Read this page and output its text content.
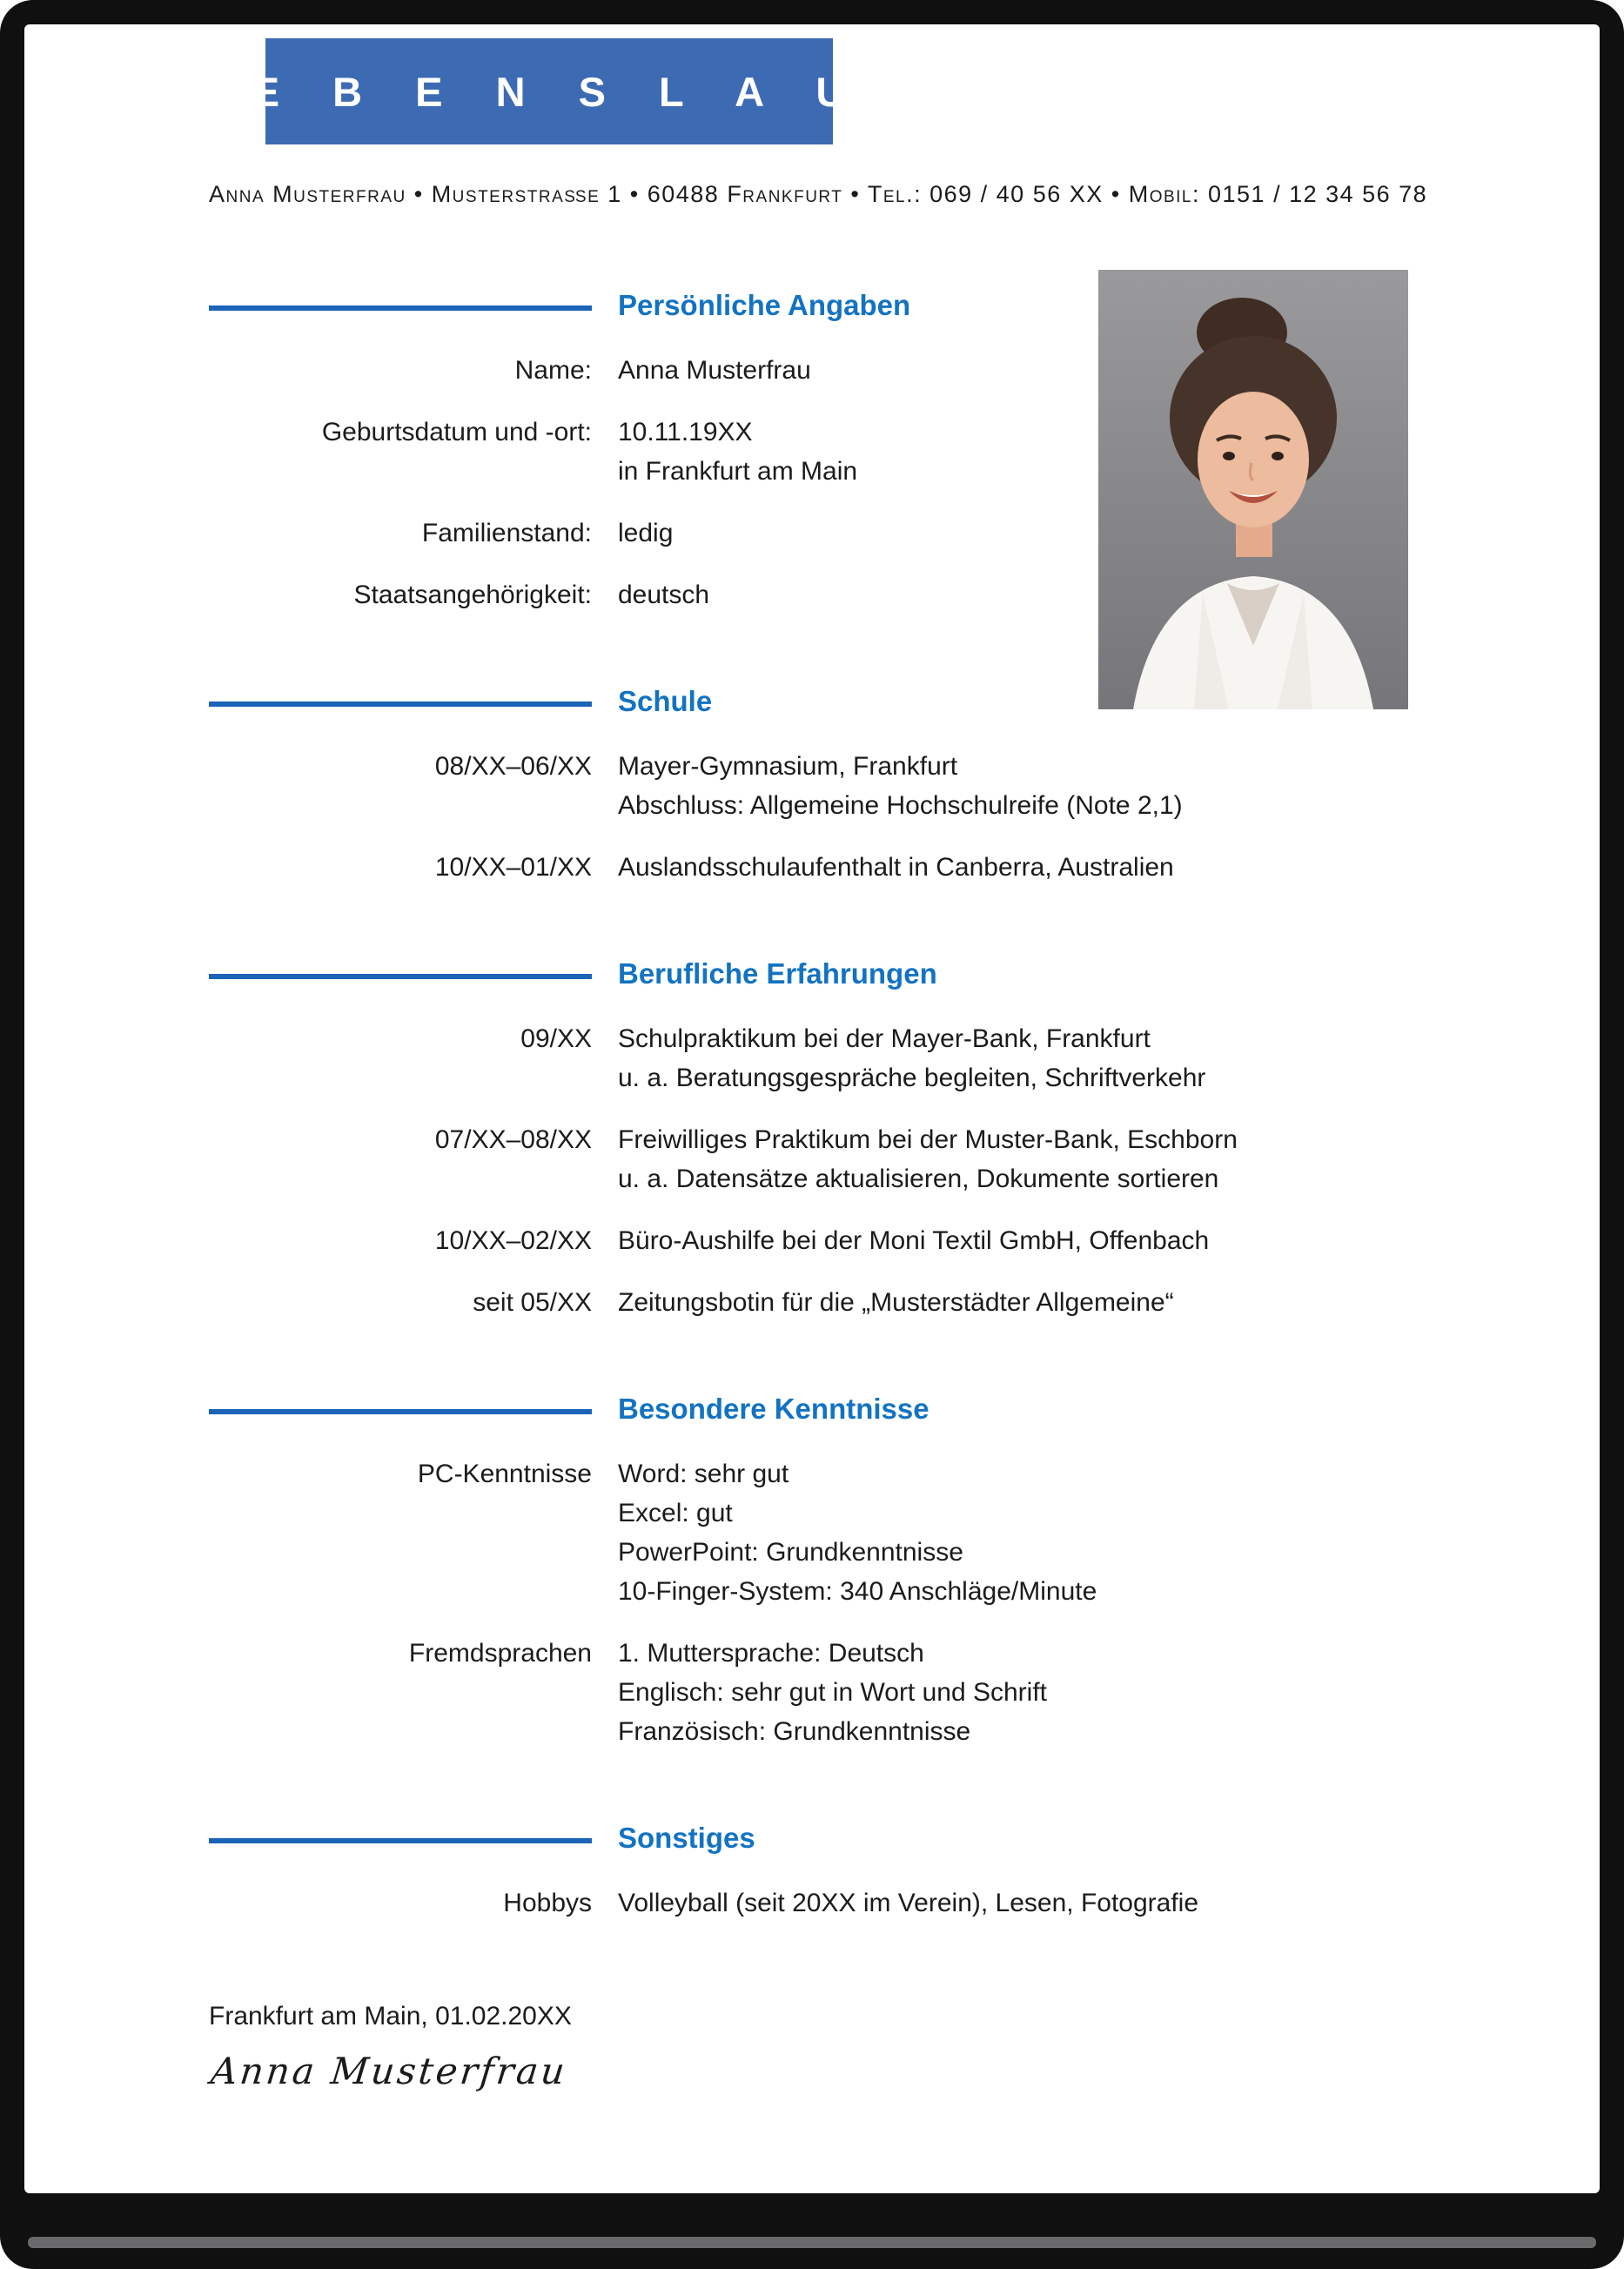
L E B E N S L A U F
Anna Musterfrau • Musterstraße 1 • 60488 Frankfurt • Tel.: 069 / 40 56 XX • Mobil: 0151 / 12 34 56 78
Persönliche Angaben
Name: Anna Musterfrau
Geburtsdatum und -ort: 10.11.19XX
in Frankfurt am Main
Familienstand: ledig
Staatsangehörigkeit: deutsch
Schule
08/XX–06/XX Mayer-Gymnasium, Frankfurt
Abschluss: Allgemeine Hochschulreife (Note 2,1)
10/XX–01/XX Auslandsschulaufenthalt in Canberra, Australien
Berufliche Erfahrungen
09/XX Schulpraktikum bei der Mayer-Bank, Frankfurt
u. a. Beratungsgespräche begleiten, Schriftverkehr
07/XX–08/XX Freiwilliges Praktikum bei der Muster-Bank, Eschborn
u. a. Datensätze aktualisieren, Dokumente sortieren
10/XX–02/XX Büro-Aushilfe bei der Moni Textil GmbH, Offenbach
seit 05/XX Zeitungsbotin für die „Musterstädter Allgemeine“
Besondere Kenntnisse
PC-Kenntnisse Word: sehr gut
Excel: gut
PowerPoint: Grundkenntnisse
10-Finger-System: 340 Anschläge/Minute
Fremdsprachen 1. Muttersprache: Deutsch
Englisch: sehr gut in Wort und Schrift
Französisch: Grundkenntnisse
Sonstiges
Hobbys Volleyball (seit 20XX im Verein), Lesen, Fotografie
Frankfurt am Main, 01.02.20XX
Anna Musterfrau
